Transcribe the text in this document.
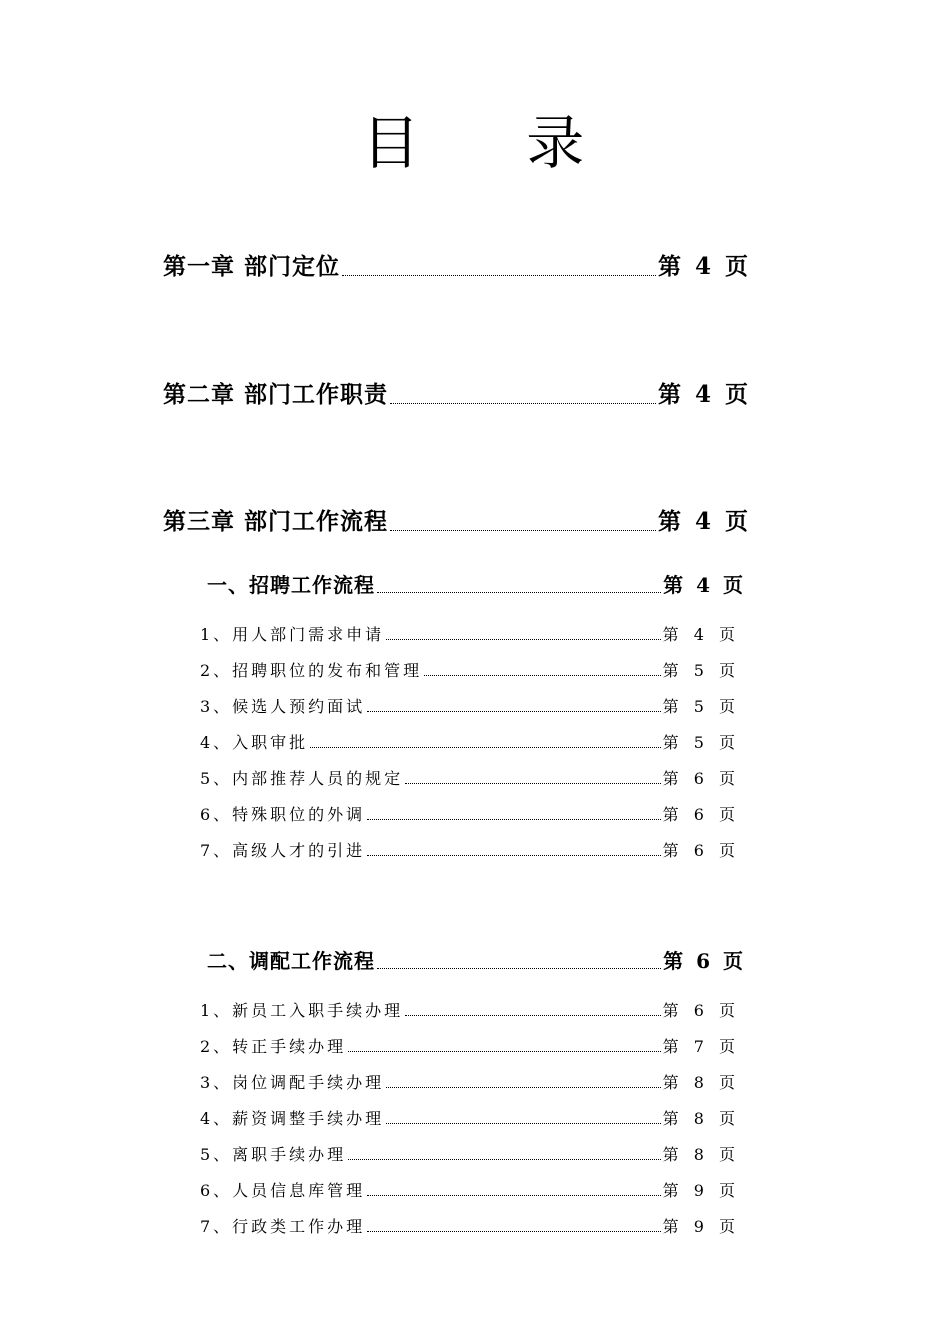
目 录
第一章 部门定位	第 4 页
第二章 部门工作职责	第 4 页
第三章 部门工作流程	第 4 页
一、招聘工作流程	第 4 页
1、用人部门需求申请	第 4 页
2、招聘职位的发布和管理	第 5 页
3、候选人预约面试	第 5 页
4、入职审批	第 5 页
5、内部推荐人员的规定	第 6 页
6、特殊职位的外调	第 6 页
7、高级人才的引进	第 6 页
二、调配工作流程	第 6 页
1、新员工入职手续办理	第 6 页
2、转正手续办理	第 7 页
3、岗位调配手续办理	第 8 页
4、薪资调整手续办理	第 8 页
5、离职手续办理	第 8 页
6、人员信息库管理	第 9 页
7、行政类工作办理	第 9 页
